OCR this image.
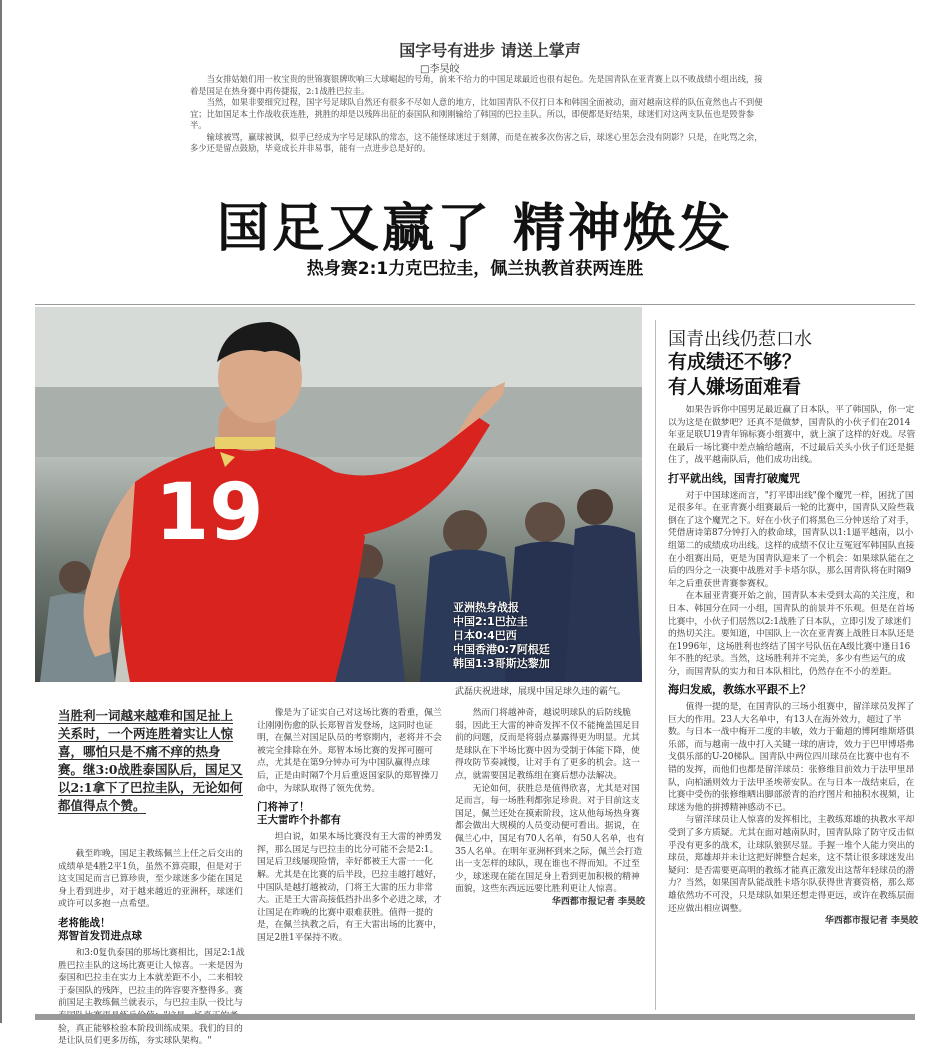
国字号有进步 请送上掌声
□李昊皎

当女排姑娘们用一枚宝贵的世锦赛银牌吹响三大球崛起的号角，前来不给力的中国足球最近也很有起色。先是国青队在亚青赛上以不败战绩小组出线，接着是国足在热身赛中再传捷报，2:1战胜巴拉圭。

当然，如果非要细究过程，国字号足球队自然还有很多不尽如人意的地方，比如国青队不仅打日本和韩国全面被动，面对越南这样的队伍竟然也占不到便宜；比如国足本土作战收获连胜，挑胜的却是以残阵出征的泰国队和刚刚输给了韩国的巴拉圭队。所以，即便都是好结果，球迷们对这两支队伍也是毁誉参半。

输球被骂，赢球被讽，似乎已经成为字号足球队的常态，这不能怪球迷过于刻薄，而是在被多次伤害之后，球迷心里怎会没有阴影？只是，在叱骂之余，多少还是留点鼓励，毕竟成长并非易事，能有一点进步总是好的。

国足又赢了 精神焕发
热身赛2:1力克巴拉圭，佩兰执教首获两连胜
19
亚洲热身战报
中国2:1巴拉圭
日本0:4巴西
中国香港0:7阿根廷
韩国1:3哥斯达黎加
武磊庆祝进球，展现中国足球久违的霸气。
国青出线仍惹口水
有成绩还不够？
有人嫌场面难看

如果告诉你中国男足最近赢了日本队，平了韩国队，你一定以为这是在做梦吧？还真不是做梦，国青队的小伙子们在2014年亚足联U19青年锦标赛小组赛中，就上演了这样的好戏。尽管在最后一场比赛中差点输给越南，不过最后关头小伙子们还是挺住了，战平越南队后，他们成功出线。

打平就出线，国青打破魔咒

对于中国球迷而言，"打平即出线"像个魔咒一样，困扰了国足很多年。在亚青赛小组赛最后一轮的比赛中，国青队又险些栽倒在了这个魔咒之下。好在小伙子们将黑色三分钟送给了对手，凭借唐诗第87分钟打入的救命球，国青队以1:1逼平越南，以小组第二的成绩成功出线。这样的成绩不仅让互冤冠军韩国队直接在小组赛出局，更是为国青队迎来了一个机会：如果球队能在之后的四分之一决赛中战胜对手卡塔尔队，那么国青队将在时隔9年之后重获世青赛参赛权。

在本届亚青赛开始之前，国青队本未受到太高的关注度，和日本、韩国分在同一小组，国青队的前景并不乐观。但是在首场比赛中，小伙子们居然以2:1战胜了日本队，立即引发了球迷们的热切关注。要知道，中国队上一次在亚青赛上战胜日本队还是在1996年，这场胜利也终结了国字号队伍在A级比赛中逢日16年不胜的纪录。当然，这场胜利并不完美，多少有些运气的成分，而国青队的实力和日本队相比，仍然存在不小的差距。

海归发威，教练水平跟不上？

值得一提的是，在国青队的三场小组赛中，留洋球员发挥了巨大的作用。23人大名单中，有13人在海外效力，超过了半数。与日本一战中梅开二度的丰敏，效力于葡超的博阿维斯塔俱乐部，而与越南一战中打入关键一球的唐诗，效力于巴甲博塔弗戈俱乐部的U-20梯队。国青队中两位四川球员在比赛中也有不错的发挥，而他们也都是留洋球员：张修维目前效力于法甲里昂队，向柏涵则效力于法甲圣埃蒂安队。在与日本一战结束后，在比赛中受伤的张修维晒出脚部淤青的治疗图片和抽积水视频，让球迷为他的拼搏精神感动不已。

与留洋球员让人惊喜的发挥相比，主教练郑雄的执教水平却受到了多方质疑。尤其在面对越南队时，国青队除了防守反击似乎没有更多的战术，让球队狼狈尽显。手握一堆个人能力突出的球员，郑雄却并未让这把好牌整合起来，这不禁让很多球迷发出疑问：是否需要更高明的教练才能真正激发出这帮年轻球员的潜力？当然，如果国青队能战胜卡塔尔队获得世青赛资格，那么郑雄依然功不可没，只是球队如果还想走得更远，或许在教练层面还应做出相应调整。

华西都市报记者 李昊皎
当胜利一词越来越难和国足扯上关系时，一个两连胜着实让人惊喜，哪怕只是不痛不痒的热身赛。继3:0战胜泰国队后，国足又以2:1拿下了巴拉圭队，无论如何都值得点个赞。

截至昨晚，国足主教练佩兰上任之后交出的成绩单是4胜2平1负，虽然不算亮眼，但是对于这支国足而言已算珍贵，至少球迷多少能在国足身上看到进步，对于越来越近的亚洲杯，球迷们或许可以多抱一点希望。

老将能战！
郑智首发罚进点球

和3:0复仇泰国的那场比赛相比，国足2:1战胜巴拉圭队的这场比赛更让人惊喜。一来是因为泰国和巴拉圭在实力上本就差距不小，二来相较于泰国队的残阵，巴拉圭的阵容要齐整得多。赛前国足主教练佩兰就表示，与巴拉圭队一役比与 验，真正能够检验本阶段训练成果。我们的目的是让队员们更多历练，夯实球队架构。"

像是为了证实自己对这场比赛的看重，佩兰让刚刚伤愈的队长郑智首发登场，这同时也证明，在佩兰对国足队员的考察期内，老将并不会被完全排除在外。郑智本场比赛的发挥可圈可点，尤其是在第9分钟办可为中国队赢得点球后，正是由时隔7个月后重返国家队的郑智操刀命中，为球队取得了领先优势。

门将神了！
王大雷昨个扑都有

坦白说，如果本场比赛没有王大雷的神勇发挥，那么国足与巴拉圭的比分可能不会是2:1。国足后卫线屡现险情，幸好都被王大雷一一化解。尤其是在比赛的后半段，巴拉圭越打越好，中国队是越打越被动，门将王大雷的压力非常大。正是王大雷高接低挡扑出多个必进之球，才让国足在昨晚的比赛中艰难获胜。值得一提的是，在佩兰执教之后，有王大雷出场的比赛中，国足2胜1平保持不败。

然而门将越神奇，越说明球队的后防线脆弱，因此王大雷的神奇发挥不仅不能掩盖国足目前的问题，反而是将弱点暴露得更为明显。尤其是球队在下半场比赛中因为受制于体能下降，使得攻防节奏减慢，让对手有了更多的机会。这一点，就需要国足教练组在赛后想办法解决。

无论如何，获胜总是值得欣喜，尤其是对国足而言，每一场胜利都弥足珍贵。对于目前这支国足，佩兰还处在摸索阶段，这从他每场热身赛都会做出大规模的人员变动便可看出。据说，在佩兰心中，国足有70人名单，有50人名单，也有35人名单。在明年亚洲杯到来之际，佩兰会打造出一支怎样的球队，现在谁也不得而知。不过至少，球迷现在能在国足身上看到更加积极的精神面貌，这些东西远远要比胜利更让人惊喜。

华西都市报记者 李昊皎
